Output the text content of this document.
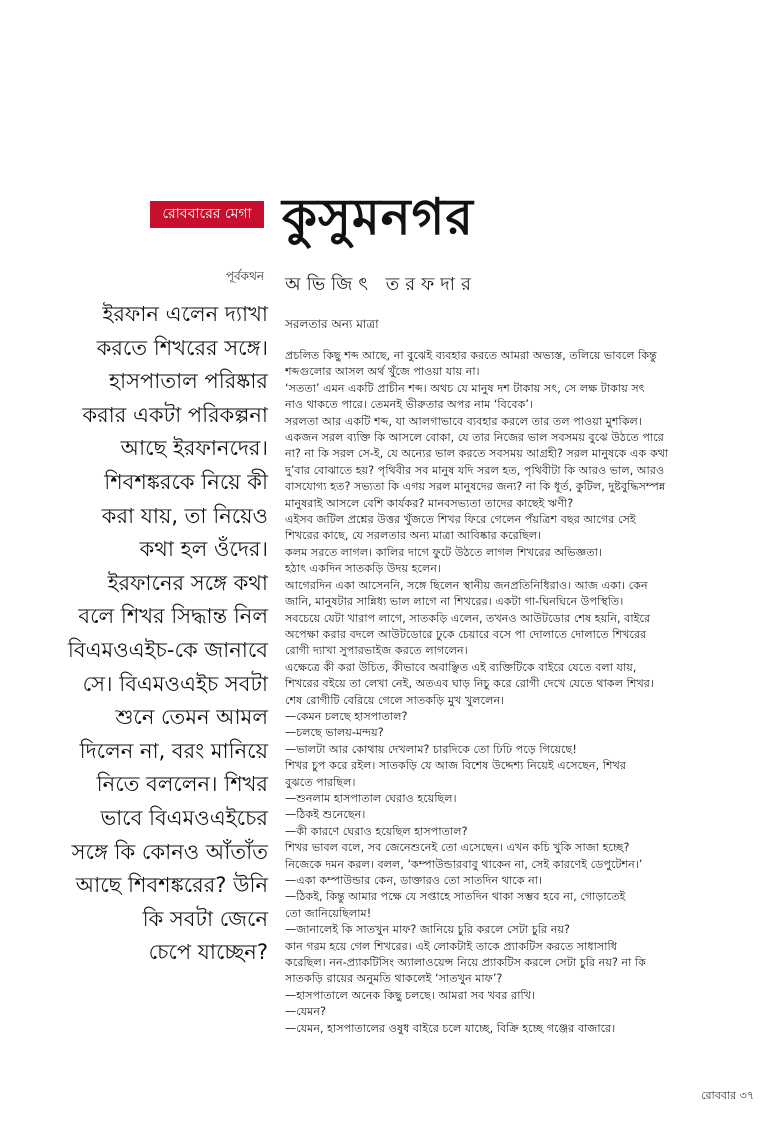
রোববারের মেগা কুসুমনগর
পূর্বকথন অভিজিৎ তরফদার
ইরফান এলেন দ্যাখা
করতে শিখরের সঙ্গে।
হাসপাতাল পরিষ্কার
করার একটা পরিকল্পনা
আছে ইরফানদের।
শিবশঙ্করকে নিয়ে কী
করা যায়, তা নিয়েও
কথা হল ওঁদের।
ইরফানের সঙ্গে কথা
বলে শিখর সিদ্ধান্ত নিল
বিএমওএইচ-কে জানাবে
সে। বিএমওএইচ সবটা
শুনে তেমন আমল
দিলেন না, বরং মানিয়ে
নিতে বললেন। শিখর
ভাবে বিএমওএইচের
সঙ্গে কি কোনও আঁতাঁত
আছে শিবশঙ্করের? উনি
কি সবটা জেনে
চেপে যাচ্ছেন?
সরলতার অন্য মাত্রা
প্রচলিত কিছু শব্দ আছে, না বুঝেই ব্যবহার করতে আমরা অভ্যস্ত, তলিয়ে ভাবলে কিন্তু
শব্দগুলোর আসল অর্থ খুঁজে পাওয়া যায় না।
‘সততা’ এমন একটি প্রাচীন শব্দ। অথচ যে মানুষ দশ টাকায় সৎ, সে লক্ষ টাকায় সৎ
নাও থাকতে পারে। তেমনই ভীরুতার অপর নাম ‘বিবেক’।
সরলতা আর একটি শব্দ, যা আলগাভাবে ব্যবহার করলে তার তল পাওয়া মুশকিল।
একজন সরল ব্যক্তি কি আসলে বোকা, যে তার নিজের ভাল সবসময় বুঝে উঠতে পারে
না? না কি সরল সে-ই, যে অন্যের ভাল করতে সবসময় আগ্রহী? সরল মানুষকে এক কথা
দু’বার বোঝাতে হয়? পৃথিবীর সব মানুষ যদি সরল হত, পৃথিবীটা কি আরও ভাল, আরও
বাসযোগ্য হত? সভ্যতা কি এগয় সরল মানুষদের জন্য? না কি ধূর্ত, কুটিল, দুষ্টবুদ্ধিসম্পন্ন
মানুষরাই আসলে বেশি কার্যকর? মানবসভ্যতা তাদের কাছেই ঋণী?
এইসব জটিল প্রশ্নের উত্তর খুঁজতে শিখর ফিরে গেলেন পঁয়ত্রিশ বছর আগের সেই
শিখরের কাছে, যে সরলতার অন্য মাত্রা আবিষ্কার করেছিল।
কলম সরতে লাগল। কালির দাগে ফুটে উঠতে লাগল শিখরের অভিজ্ঞতা।
হঠাৎ একদিন সাতকড়ি উদয় হলেন।
আগেরদিন একা আসেননি, সঙ্গে ছিলেন স্থানীয় জনপ্রতিনিধিরাও। আজ একা। কেন
জানি, মানুষটার সান্নিধ্য ভাল লাগে না শিখরের। একটা গা-ঘিনঘিনে উপস্থিতি।
সবচেয়ে যেটা খারাপ লাগে, সাতকড়ি এলেন, তখনও আউটডোর শেষ হয়নি, বাইরে
অপেক্ষা করার বদলে আউটডোরে ঢুকে চেয়ারে বসে পা দোলাতে দোলাতে শিখরের
রোগী দ্যাখা সুপারভাইজ করতে লাগলেন।
এক্ষেত্রে কী করা উচিত, কীভাবে অবাঞ্ছিত এই ব্যক্তিটিকে বাইরে যেতে বলা যায়,
শিখরের বইয়ে তা লেখা নেই, অতএব ঘাড় নিচু করে রোগী দেখে যেতে থাকল শিখর।
শেষ রোগীটি বেরিয়ে গেলে সাতকড়ি মুখ খুললেন।
—কেমন চলছে হাসপাতাল?
—চলছে ভালয়-মন্দয়?
—ভালটা আর কোথায় দেখলাম? চারদিকে তো ঢিঢি পড়ে গিয়েছে!
শিখর চুপ করে রইল। সাতকড়ি যে আজ বিশেষ উদ্দেশ্য নিয়েই এসেছেন, শিখর
বুঝতে পারছিল।
—শুনলাম হাসপাতাল ঘেরাও হয়েছিল।
—ঠিকই শুনেছেন।
—কী কারণে ঘেরাও হয়েছিল হাসপাতাল?
শিখর ভাবল বলে, সব জেনেশুনেই তো এসেছেন। এখন কচি খুকি সাজা হচ্ছে?
নিজেকে দমন করল। বলল, ‘কম্পাউন্ডারবাবু থাকেন না, সেই কারণেই ডেপুটেশন।’
—একা কম্পাউন্ডার কেন, ডাক্তারও তো সাতদিন থাকে না।
—ঠিকই, কিন্তু আমার পক্ষে যে সপ্তাহে সাতদিন থাকা সম্ভব হবে না, গোড়াতেই
তো জানিয়েছিলাম!
—জানালেই কি সাতখুন মাফ? জানিয়ে চুরি করলে সেটা চুরি নয়?
কান গরম হয়ে গেল শিখরের। এই লোকটাই তাকে প্র্যাকটিস করতে সাধাসাধি
করেছিল। নন-প্র্যাকটিসিং অ্যালাওয়েন্স নিয়ে প্র্যাকটিস করলে সেটা চুরি নয়? না কি
সাতকড়ি রায়ের অনুমতি থাকলেই ‘সাতখুন মাফ’?
—হাসপাতালে অনেক কিছু চলছে। আমরা সব খবর রাখি।
—যেমন?
—যেমন, হাসপাতালের ওষুধ বাইরে চলে যাচ্ছে, বিক্রি হচ্ছে গঞ্জের বাজারে।
রোববার ৩৭
